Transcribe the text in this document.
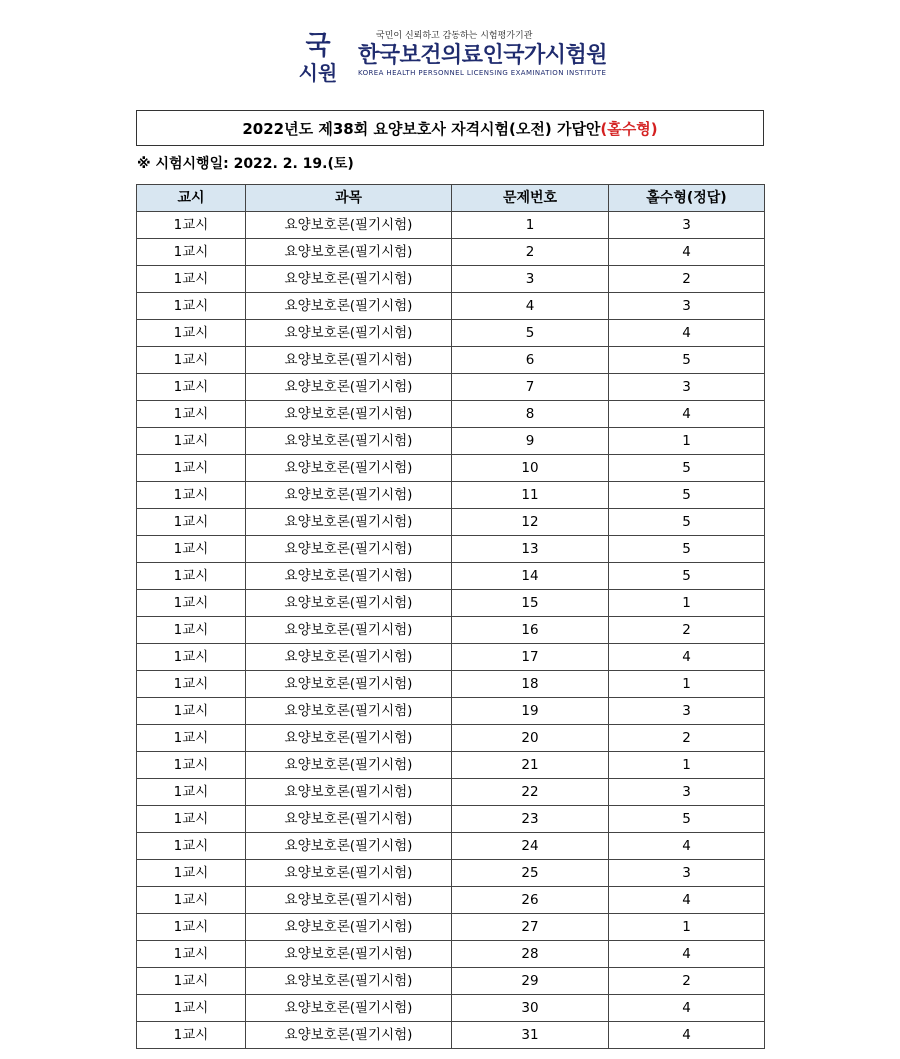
국
시원
국민이 신뢰하고 감동하는 시험평가기관
한국보건의료인국가시험원
KOREA HEALTH PERSONNEL LICENSING EXAMINATION INSTITUTE
2022년도 제38회 요양보호사 자격시험(오전) 가답안 (홀수형)
※ 시험시행일: 2022. 2. 19.(토)
교시	과목	문제번호	홀수형(정답)
1교시	요양보호론(필기시험)	1	3
1교시	요양보호론(필기시험)	2	4
1교시	요양보호론(필기시험)	3	2
1교시	요양보호론(필기시험)	4	3
1교시	요양보호론(필기시험)	5	4
1교시	요양보호론(필기시험)	6	5
1교시	요양보호론(필기시험)	7	3
1교시	요양보호론(필기시험)	8	4
1교시	요양보호론(필기시험)	9	1
1교시	요양보호론(필기시험)	10	5
1교시	요양보호론(필기시험)	11	5
1교시	요양보호론(필기시험)	12	5
1교시	요양보호론(필기시험)	13	5
1교시	요양보호론(필기시험)	14	5
1교시	요양보호론(필기시험)	15	1
1교시	요양보호론(필기시험)	16	2
1교시	요양보호론(필기시험)	17	4
1교시	요양보호론(필기시험)	18	1
1교시	요양보호론(필기시험)	19	3
1교시	요양보호론(필기시험)	20	2
1교시	요양보호론(필기시험)	21	1
1교시	요양보호론(필기시험)	22	3
1교시	요양보호론(필기시험)	23	5
1교시	요양보호론(필기시험)	24	4
1교시	요양보호론(필기시험)	25	3
1교시	요양보호론(필기시험)	26	4
1교시	요양보호론(필기시험)	27	1
1교시	요양보호론(필기시험)	28	4
1교시	요양보호론(필기시험)	29	2
1교시	요양보호론(필기시험)	30	4
1교시	요양보호론(필기시험)	31	4
